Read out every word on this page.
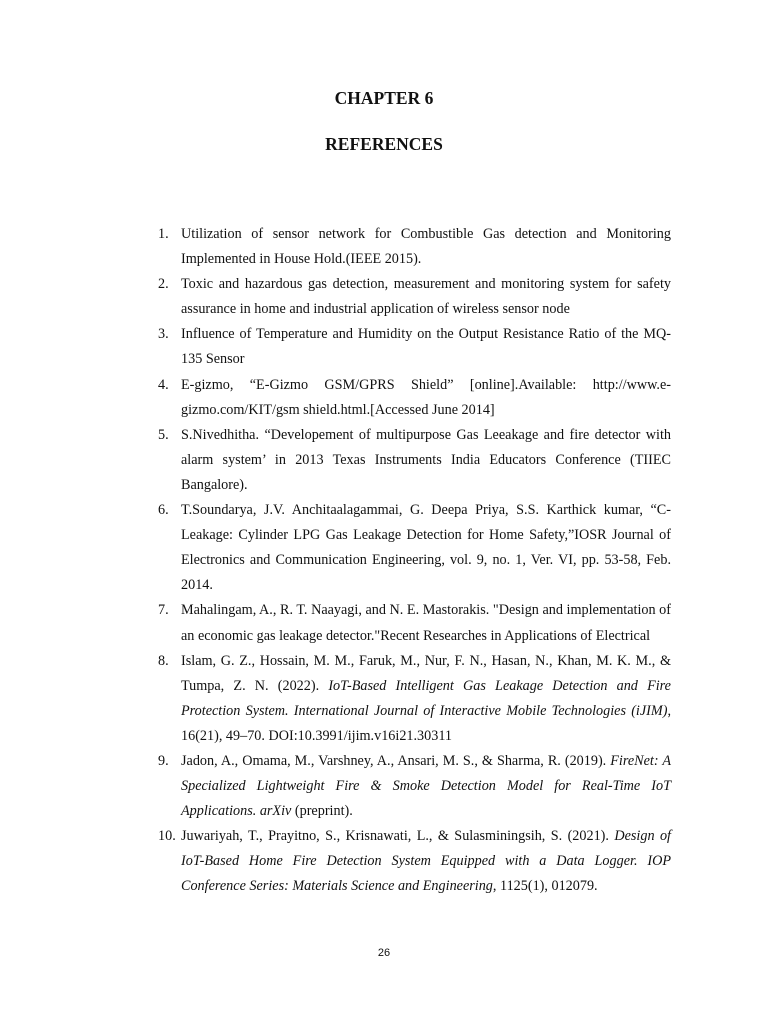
CHAPTER 6
REFERENCES
1. Utilization of sensor network for Combustible Gas detection and Monitoring Implemented in House Hold.(IEEE 2015).
2. Toxic and hazardous gas detection, measurement and monitoring system for safety assurance in home and industrial application of wireless sensor node
3. Influence of Temperature and Humidity on the Output Resistance Ratio of the MQ-135 Sensor
4. E-gizmo, “E-Gizmo GSM/GPRS Shield” [online].Available: http://www.e-gizmo.com/KIT/gsm shield.html.[Accessed June 2014]
5. S.Nivedhitha. “Developement of multipurpose Gas Leeakage and fire detector with alarm system’ in 2013 Texas Instruments India Educators Conference (TIIEC Bangalore).
6. T.Soundarya, J.V. Anchitaalagammai, G. Deepa Priya, S.S. Karthick kumar, “C-Leakage: Cylinder LPG Gas Leakage Detection for Home Safety,”IOSR Journal of Electronics and Communication Engineering, vol. 9, no. 1, Ver. VI, pp. 53-58, Feb. 2014.
7. Mahalingam, A., R. T. Naayagi, and N. E. Mastorakis. "Design and implementation of an economic gas leakage detector."Recent Researches in Applications of Electrical
8. Islam, G. Z., Hossain, M. M., Faruk, M., Nur, F. N., Hasan, N., Khan, M. K. M., & Tumpa, Z. N. (2022). IoT-Based Intelligent Gas Leakage Detection and Fire Protection System. International Journal of Interactive Mobile Technologies (iJIM), 16(21), 49–70. DOI:10.3991/ijim.v16i21.30311
9. Jadon, A., Omama, M., Varshney, A., Ansari, M. S., & Sharma, R. (2019). FireNet: A Specialized Lightweight Fire & Smoke Detection Model for Real-Time IoT Applications. arXiv (preprint).
10. Juwariyah, T., Prayitno, S., Krisnawati, L., & Sulasminingsih, S. (2021). Design of IoT-Based Home Fire Detection System Equipped with a Data Logger. IOP Conference Series: Materials Science and Engineering, 1125(1), 012079.
26
